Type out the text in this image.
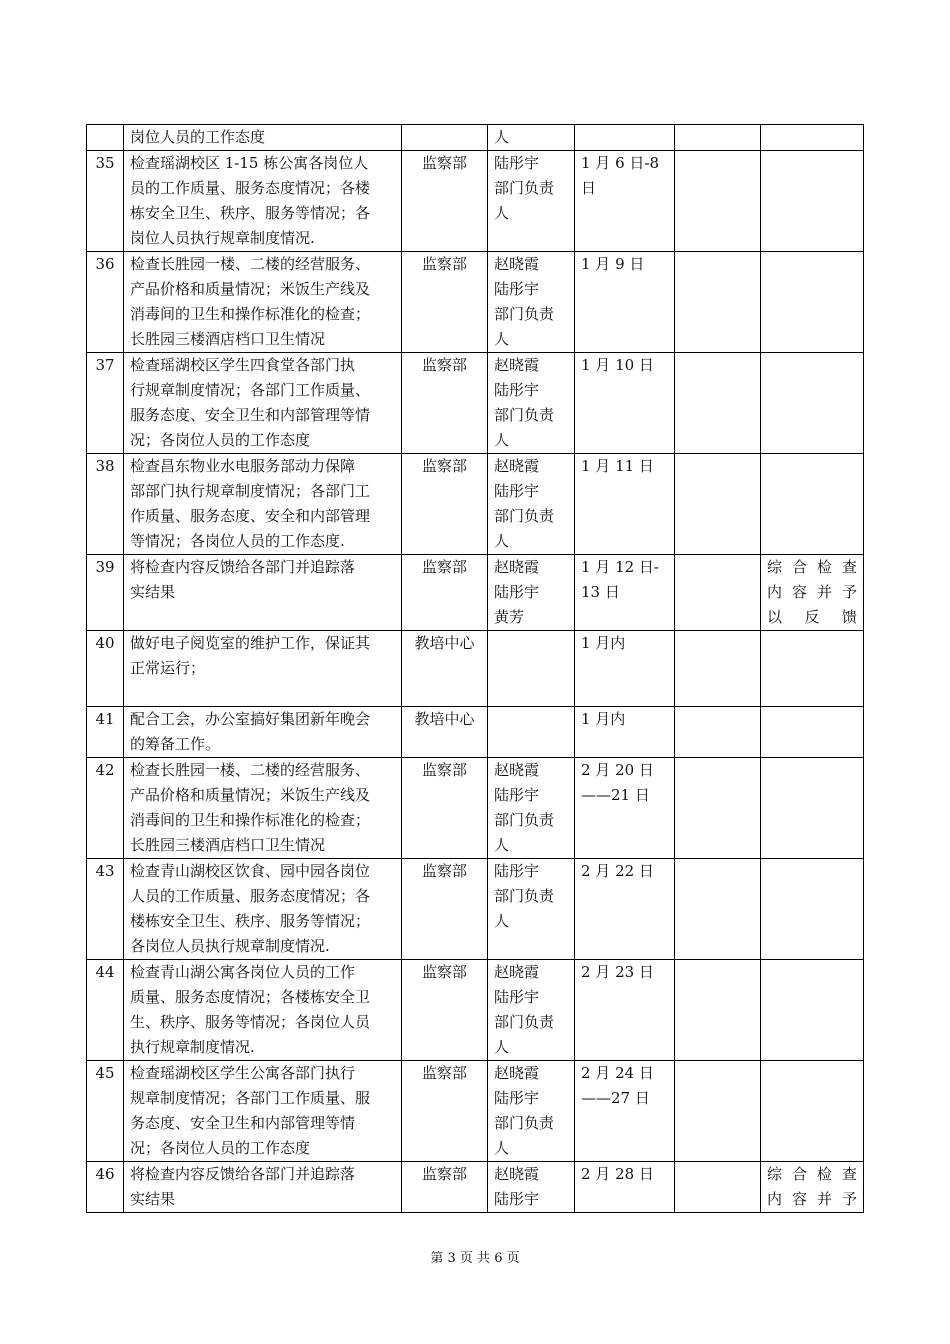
	岗位人员的工作态度		人			

35	检查瑶湖校区 1-15 栋公寓各岗位人
员的工作质量、服务态度情况；各楼
栋安全卫生、秩序、服务等情况；各
岗位人员执行规章制度情况.	监察部	陆彤宇
部门负责
人	1 月 6 日-8
日		

36	检查长胜园一楼、二楼的经营服务、
产品价格和质量情况；米饭生产线及
消毒间的卫生和操作标准化的检查；
长胜园三楼酒店档口卫生情况	监察部	赵晓霞
陆彤宇
部门负责
人	1 月 9 日		

37	检查瑶湖校区学生四食堂各部门执
行规章制度情况；各部门工作质量、
服务态度、安全卫生和内部管理等情
况；各岗位人员的工作态度	监察部	赵晓霞
陆彤宇
部门负责
人	1 月 10 日		

38	检查昌东物业水电服务部动力保障
部部门执行规章制度情况；各部门工
作质量、服务态度、安全和内部管理
等情况；各岗位人员的工作态度.	监察部	赵晓霞
陆彤宇
部门负责
人	1 月 11 日		

39	将检查内容反馈给各部门并追踪落
实结果	监察部	赵晓霞
陆彤宇
黄芳	1 月 12 日-
13 日		综合检查
内容并予
以反馈

40	做好电子阅览室的维护工作，保证其
正常运行；	教培中心		1 月内		

41	配合工会，办公室搞好集团新年晚会
的筹备工作。	教培中心		1 月内		

42	检查长胜园一楼、二楼的经营服务、
产品价格和质量情况；米饭生产线及
消毒间的卫生和操作标准化的检查；
长胜园三楼酒店档口卫生情况	监察部	赵晓霞
陆彤宇
部门负责
人	2 月 20 日
——21 日		

43	检查青山湖校区饮食、园中园各岗位
人员的工作质量、服务态度情况；各
楼栋安全卫生、秩序、服务等情况；
各岗位人员执行规章制度情况.	监察部	陆彤宇
部门负责
人	2 月 22 日		

44	检查青山湖公寓各岗位人员的工作
质量、服务态度情况；各楼栋安全卫
生、秩序、服务等情况；各岗位人员
执行规章制度情况.	监察部	赵晓霞
陆彤宇
部门负责
人	2 月 23 日		

45	检查瑶湖校区学生公寓各部门执行
规章制度情况；各部门工作质量、服
务态度、安全卫生和内部管理等情
况；各岗位人员的工作态度	监察部	赵晓霞
陆彤宇
部门负责
人	2 月 24 日
——27 日		

46	将检查内容反馈给各部门并追踪落
实结果	监察部	赵晓霞
陆彤宇	2 月 28 日		综合检查
内容并予
第 3 页 共 6 页
